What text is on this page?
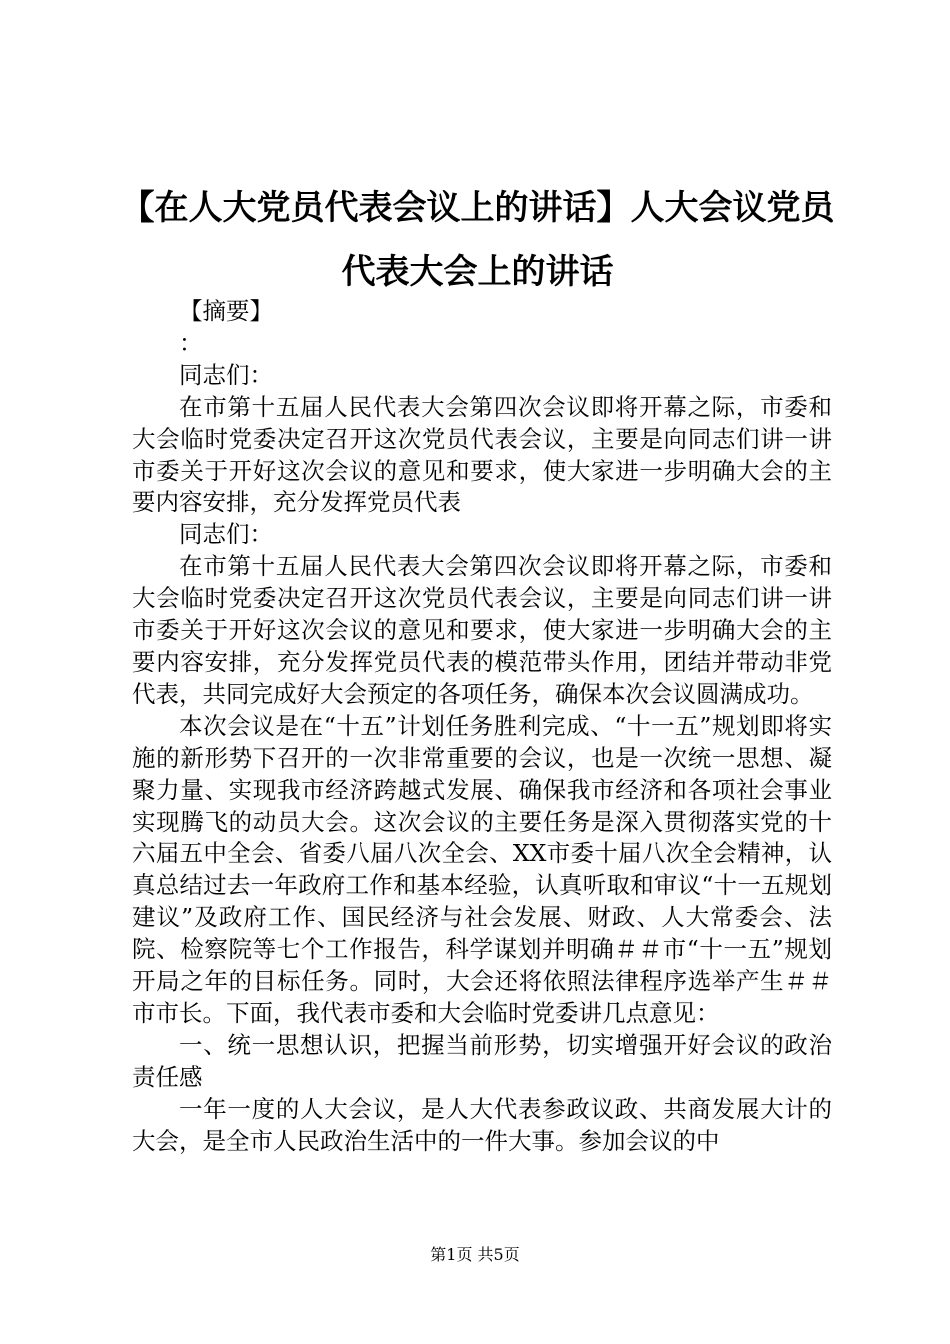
【在人大党员代表会议上的讲话】人大会议党员代表大会上的讲话

【摘要】

：

同志们：

在市第十五届人民代表大会第四次会议即将开幕之际，市委和大会临时党委决定召开这次党员代表会议，主要是向同志们讲一讲市委关于开好这次会议的意见和要求，使大家进一步明确大会的主要内容安排，充分发挥党员代表

同志们：

在市第十五届人民代表大会第四次会议即将开幕之际，市委和大会临时党委决定召开这次党员代表会议，主要是向同志们讲一讲市委关于开好这次会议的意见和要求，使大家进一步明确大会的主要内容安排，充分发挥党员代表的模范带头作用，团结并带动非党代表，共同完成好大会预定的各项任务，确保本次会议圆满成功。

本次会议是在“十五”计划任务胜利完成、“十一五”规划即将实施的新形势下召开的一次非常重要的会议，也是一次统一思想、凝聚力量、实现我市经济跨越式发展、确保我市经济和各项社会事业实现腾飞的动员大会。这次会议的主要任务是深入贯彻落实党的十六届五中全会、省委八届八次全会、XX市委十届八次全会精神，认真总结过去一年政府工作和基本经验，认真听取和审议“十一五规划建议”及政府工作、国民经济与社会发展、财政、人大常委会、法院、检察院等七个工作报告，科学谋划并明确＃＃市“十一五”规划开局之年的目标任务。同时，大会还将依照法律程序选举产生＃＃市市长。下面，我代表市委和大会临时党委讲几点意见：

一、统一思想认识，把握当前形势，切实增强开好会议的政治责任感

一年一度的人大会议，是人大代表参政议政、共商发展大计的大会，是全市人民政治生活中的一件大事。参加会议的中

第1页 共5页
